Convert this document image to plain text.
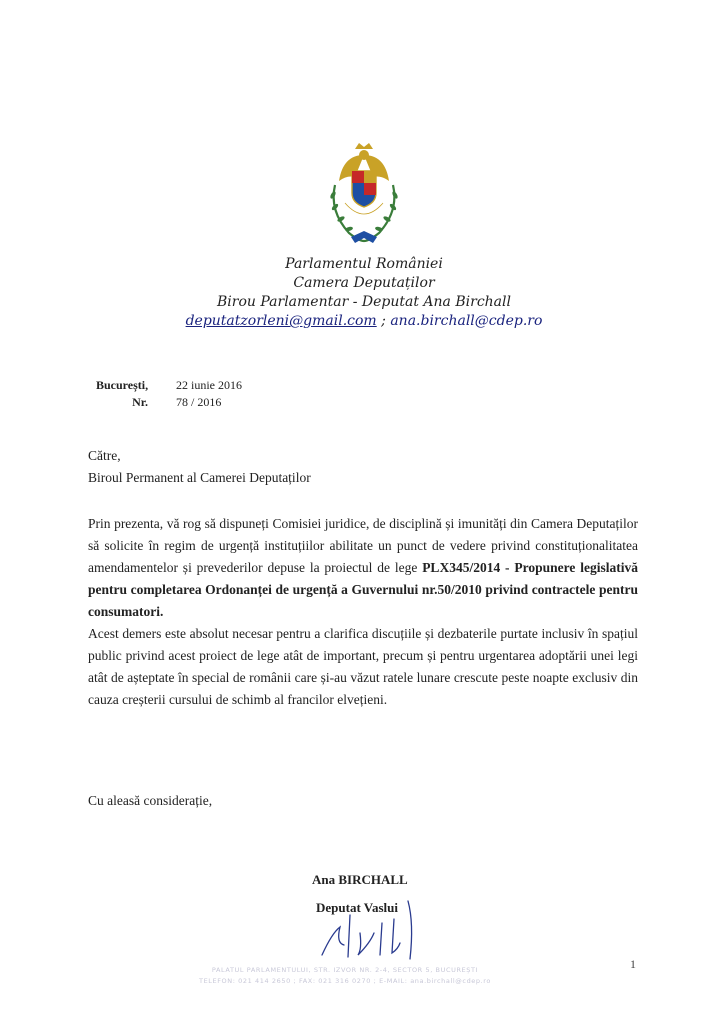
Parlamentul României
Camera Deputaților
Birou Parlamentar - Deputat Ana Birchall
deputatzorleni@gmail.com ; ana.birchall@cdep.ro
București, 22 iunie 2016
Nr. 78 / 2016
Către,
Biroul Permanent al Camerei Deputaților

Prin prezenta, vă rog să dispuneți Comisiei juridice, de disciplină și imunități din Camera Deputaților să solicite în regim de urgență instituțiilor abilitate un punct de vedere privind constituționalitatea amendamentelor și prevederilor depuse la proiectul de lege PLX345/2014 - Propunere legislativă pentru completarea Ordonanței de urgență a Guvernului nr.50/2010 privind contractele pentru consumatori.

Acest demers este absolut necesar pentru a clarifica discuțiile și dezbaterile purtate inclusiv în spațiul public privind acest proiect de lege atât de important, precum și pentru urgentarea adoptării unei legi atât de așteptate în special de românii care și-au văzut ratele lunare crescute peste noapte exclusiv din cauza creșterii cursului de schimb al francilor elvețieni.

Cu aleasă considerație,
Ana BIRCHALL
Deputat Vaslui
1
PALATUL PARLAMENTULUI, STR. IZVOR NR. 2-4, SECTOR 5, BUCUREȘTI
TELEFON: 021 414 2650 ; FAX: 021 316 0270 ; E-MAIL: ana.birchall@cdep.ro
